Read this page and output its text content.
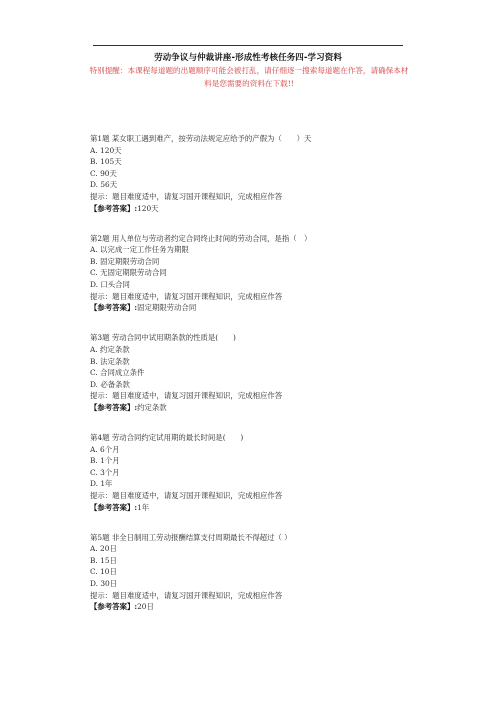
劳动争议与仲裁讲座-形成性考核任务四-学习资料
特别提醒：本课程每道题的出题顺序可能会被打乱，请仔细逐一搜索每道题在作答，请确保本材料是您需要的资料在下载!!
第1题 某女职工遇到难产，按劳动法规定应给予的产假为（　　）天
A. 120天
B. 105天
C. 90天
D. 56天
提示：题目难度适中，请复习国开课程知识，完成相应作答
【参考答案】:120天
第2题 用人单位与劳动者约定合同终止时间的劳动合同，是指（　）
A. 以完成一定工作任务为期限
B. 固定期限劳动合同
C. 无固定期限劳动合同
D. 口头合同
提示：题目难度适中，请复习国开课程知识，完成相应作答
【参考答案】:固定期限劳动合同
第3题 劳动合同中试用期条款的性质是(　　)
A. 约定条款
B. 法定条款
C. 合同成立条件
D. 必备条款
提示：题目难度适中，请复习国开课程知识，完成相应作答
【参考答案】:约定条款
第4题 劳动合同约定试用期的最长时间是(　　)
A. 6个月
B. 1个月
C. 3个月
D. 1年
提示：题目难度适中，请复习国开课程知识，完成相应作答
【参考答案】:1年
第5题 非全日制用工劳动报酬结算支付周期最长不得超过（ ）
A. 20日
B. 15日
C. 10日
D. 30日
提示：题目难度适中，请复习国开课程知识，完成相应作答
【参考答案】:20日
